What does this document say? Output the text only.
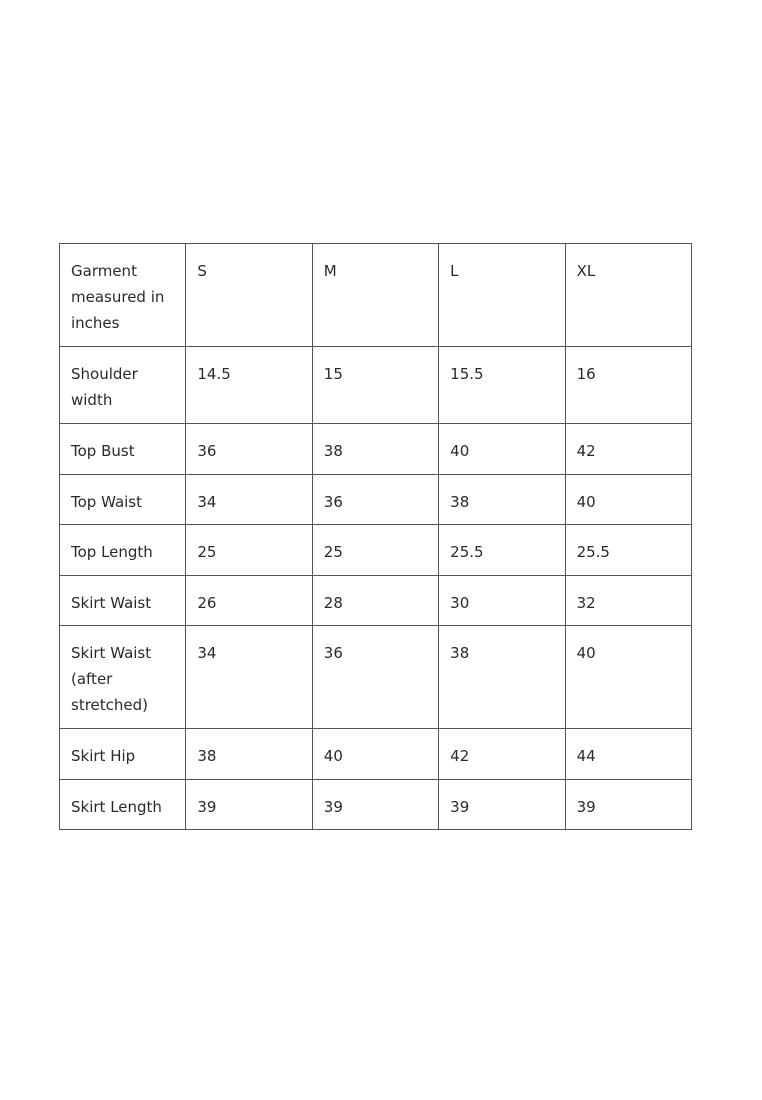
Garment measured in inches	S	M	L	XL
Shoulder width	14.5	15	15.5	16
Top Bust	36	38	40	42
Top Waist	34	36	38	40
Top Length	25	25	25.5	25.5
Skirt Waist	26	28	30	32
Skirt Waist (after stretched)	34	36	38	40
Skirt Hip	38	40	42	44
Skirt Length	39	39	39	39
